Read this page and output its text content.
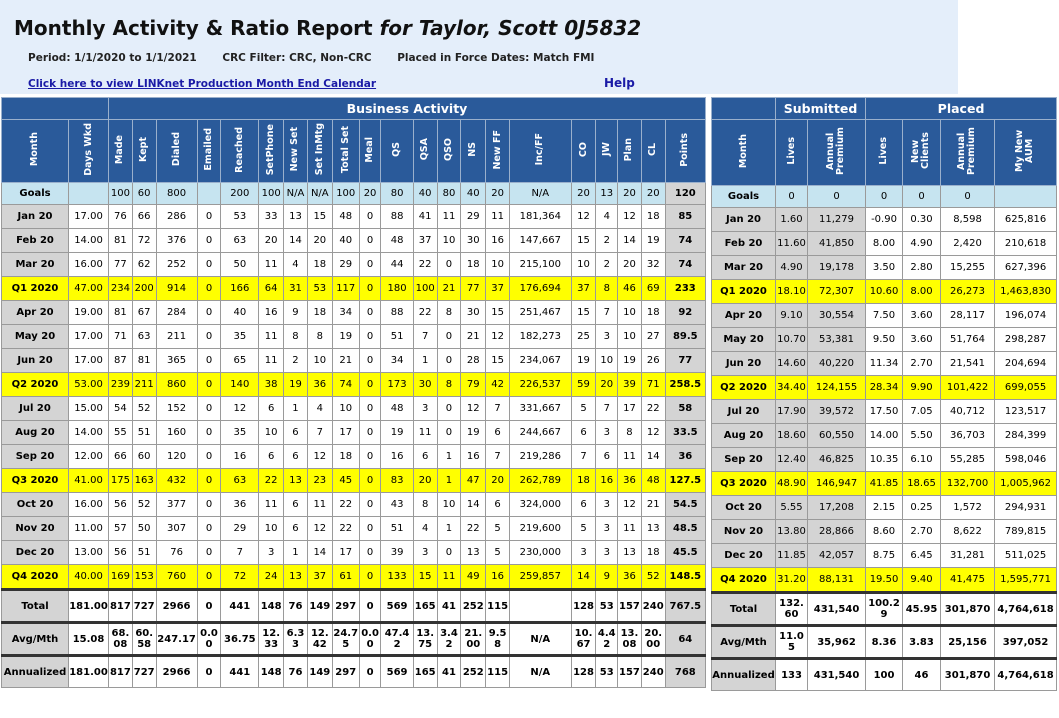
Monthly Activity & Ratio Report for Taylor, Scott 0J5832
Period: 1/1/2020 to 1/1/2021 CRC Filter: CRC, Non-CRC Placed in Force Dates: Match FMI
Click here to view LINKnet Production Month End Calendar	Help
		Business Activity																				
Month	Days Wkd	Made	Kept	Dialed	Emailed	Reached	SetPhone	New Set	Set InMtg	Total Set	Meal	QS	QSA	QSO	NS	New FF	Inc/FF	CO	JW	Plan	CL	Points
Goals		100	60	800		200	100	N/A	N/A	100	20	80	40	80	40	20	N/A	20	13	20	20	120
Jan 20	17.00	76	66	286	0	53	33	13	15	48	0	88	41	11	29	11	181,364	12	4	12	18	85
Feb 20	14.00	81	72	376	0	63	20	14	20	40	0	48	37	10	30	16	147,667	15	2	14	19	74
Mar 20	16.00	77	62	252	0	50	11	4	18	29	0	44	22	0	18	10	215,100	10	2	20	32	74
Q1 2020	47.00	234	200	914	0	166	64	31	53	117	0	180	100	21	77	37	176,694	37	8	46	69	233
Apr 20	19.00	81	67	284	0	40	16	9	18	34	0	88	22	8	30	15	251,467	15	7	10	18	92
May 20	17.00	71	63	211	0	35	11	8	8	19	0	51	7	0	21	12	182,273	25	3	10	27	89.5
Jun 20	17.00	87	81	365	0	65	11	2	10	21	0	34	1	0	28	15	234,067	19	10	19	26	77
Q2 2020	53.00	239	211	860	0	140	38	19	36	74	0	173	30	8	79	42	226,537	59	20	39	71	258.5
Jul 20	15.00	54	52	152	0	12	6	1	4	10	0	48	3	0	12	7	331,667	5	7	17	22	58
Aug 20	14.00	55	51	160	0	35	10	6	7	17	0	19	11	0	19	6	244,667	6	3	8	12	33.5
Sep 20	12.00	66	60	120	0	16	6	6	12	18	0	16	6	1	16	7	219,286	7	6	11	14	36
Q3 2020	41.00	175	163	432	0	63	22	13	23	45	0	83	20	1	47	20	262,789	18	16	36	48	127.5
Oct 20	16.00	56	52	377	0	36	11	6	11	22	0	43	8	10	14	6	324,000	6	3	12	21	54.5
Nov 20	11.00	57	50	307	0	29	10	6	12	22	0	51	4	1	22	5	219,600	5	3	11	13	48.5
Dec 20	13.00	56	51	76	0	7	3	1	14	17	0	39	3	0	13	5	230,000	3	3	13	18	45.5
Q4 2020	40.00	169	153	760	0	72	24	13	37	61	0	133	15	11	49	16	259,857	14	9	36	52	148.5
Total	181.00	817	727	2966	0	441	148	76	149	297	0	569	165	41	252	115		128	53	157	240	767.5
Avg/Mth	15.08	68.08	60.58	247.17	0.00	36.75	12.33	6.33	12.42	24.75	0.00	47.42	13.75	3.42	21.00	9.58	N/A	10.67	4.42	13.08	20.00	64
Annualized	181.00	817	727	2966	0	441	148	76	149	297	0	569	165	41	252	115	N/A	128	53	157	240	768
	Submitted		Placed			
Month	Lives	Annual Premium	Lives	New Clients	Annual Premium	My New AUM
Goals	0	0	0	0	0	
Jan 20	1.60	11,279	-0.90	0.30	8,598	625,816
Feb 20	11.60	41,850	8.00	4.90	2,420	210,618
Mar 20	4.90	19,178	3.50	2.80	15,255	627,396
Q1 2020	18.10	72,307	10.60	8.00	26,273	1,463,830
Apr 20	9.10	30,554	7.50	3.60	28,117	196,074
May 20	10.70	53,381	9.50	3.60	51,764	298,287
Jun 20	14.60	40,220	11.34	2.70	21,541	204,694
Q2 2020	34.40	124,155	28.34	9.90	101,422	699,055
Jul 20	17.90	39,572	17.50	7.05	40,712	123,517
Aug 20	18.60	60,550	14.00	5.50	36,703	284,399
Sep 20	12.40	46,825	10.35	6.10	55,285	598,046
Q3 2020	48.90	146,947	41.85	18.65	132,700	1,005,962
Oct 20	5.55	17,208	2.15	0.25	1,572	294,931
Nov 20	13.80	28,866	8.60	2.70	8,622	789,815
Dec 20	11.85	42,057	8.75	6.45	31,281	511,025
Q4 2020	31.20	88,131	19.50	9.40	41,475	1,595,771
Total	132.60	431,540	100.29	45.95	301,870	4,764,618
Avg/Mth	11.05	35,962	8.36	3.83	25,156	397,052
Annualized	133	431,540	100	46	301,870	4,764,618
